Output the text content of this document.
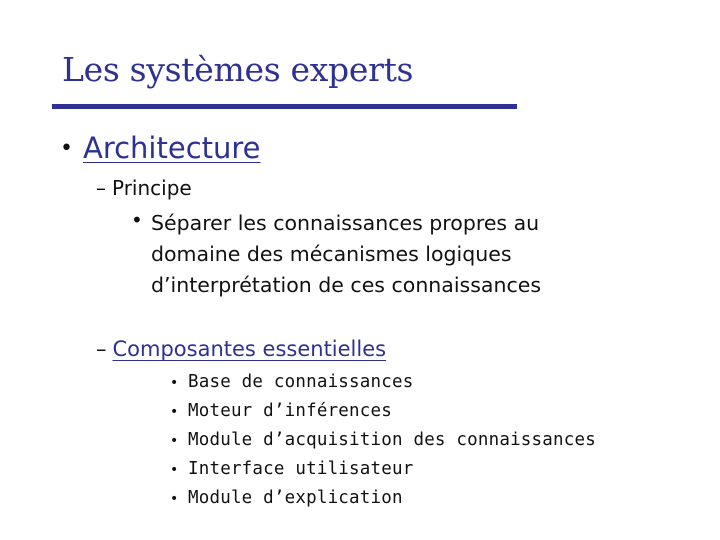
Les systèmes experts
• Architecture
– Principe
• Séparer les connaissances propres au domaine des mécanismes logiques d’interprétation de ces connaissances
– Composantes essentielles
• Base de connaissances
• Moteur d’inférences
• Module d’acquisition des connaissances
• Interface utilisateur
• Module d’explication
